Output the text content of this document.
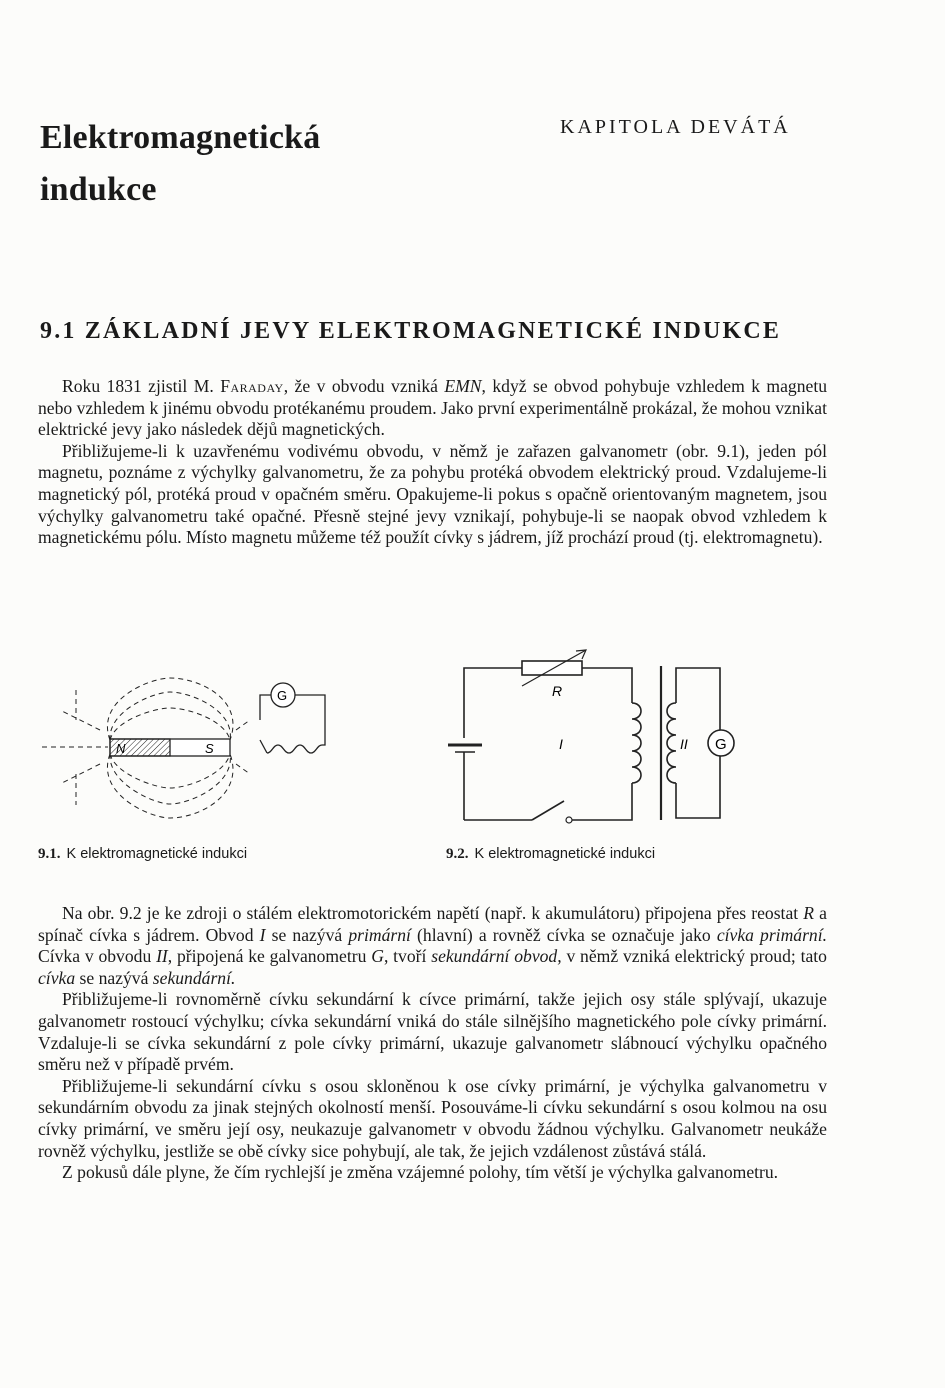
Elektromagnetická
indukce
KAPITOLA DEVÁTÁ
9.1 ZÁKLADNÍ JEVY ELEKTROMAGNETICKÉ INDUKCE

Roku 1831 zjistil M. Faraday, že v obvodu vzniká EMN, když se obvod pohybuje vzhledem k magnetu nebo vzhledem k jinému obvodu protékanému proudem. Jako první experimentálně prokázal, že mohou vznikat elektrické jevy jako následek dějů magnetických.

Přibližujeme-li k uzavřenému vodivému obvodu, v němž je zařazen galvanometr (obr. 9.1), jeden pól magnetu, poznáme z výchylky galvanometru, že za pohybu protéká obvodem elektrický proud. Vzdalujeme-li magnetický pól, protéká proud v opačném směru. Opakujeme-li pokus s opačně orientovaným magnetem, jsou výchylky galvanometru také opačné. Přesně stejné jevy vznikají, pohybuje-li se naopak obvod vzhledem k magnetickému pólu. Místo magnetu můžeme též použít cívky s jádrem, jíž prochází proud (tj. elektromagnetu).

N	S
G
9.1. K elektromagnetické indukci
R
I	II G
9.2. K elektromagnetické indukci

Na obr. 9.2 je ke zdroji o stálém elektromotorickém napětí (např. k akumulátoru) připojena přes reostat R a spínač cívka s jádrem. Obvod I se nazývá primární (hlavní) a rovněž cívka se označuje jako cívka primární. Cívka v obvodu II, připojená ke galvanometru G, tvoří sekundární obvod, v němž vzniká elektrický proud; tato cívka se nazývá sekundární.

Přibližujeme-li rovnoměrně cívku sekundární k cívce primární, takže jejich osy stále splývají, ukazuje galvanometr rostoucí výchylku; cívka sekundární vniká do stále silnějšího magnetického pole cívky primární. Vzdaluje-li se cívka sekundární z pole cívky primární, ukazuje galvanometr slábnoucí výchylku opačného směru než v případě prvém.

Přibližujeme-li sekundární cívku s osou skloněnou k ose cívky primární, je výchylka galvanometru v sekundárním obvodu za jinak stejných okolností menší. Posouváme-li cívku sekundární s osou kolmou na osu cívky primární, ve směru její osy, neukazuje galvanometr v obvodu žádnou výchylku. Galvanometr neukáže rovněž výchylku, jestliže se obě cívky sice pohybují, ale tak, že jejich vzdálenost zůstává stálá.

Z pokusů dále plyne, že čím rychlejší je změna vzájemné polohy, tím větší je výchylka galvanometru.
